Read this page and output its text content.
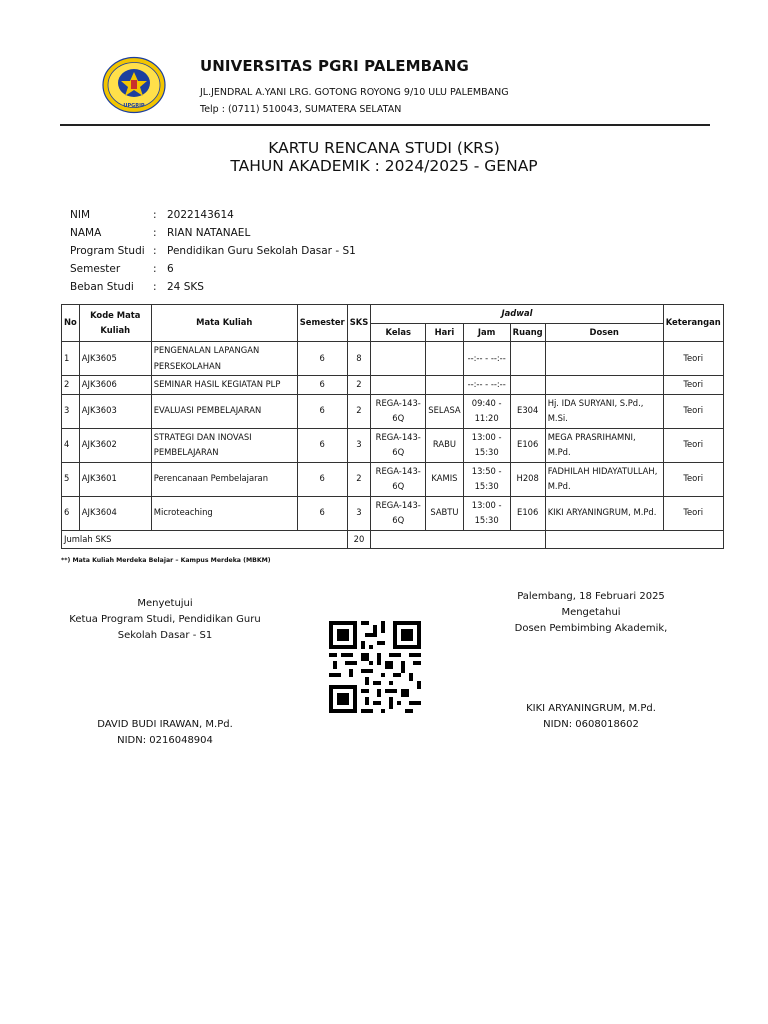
UPGRIP
UNIVERSITAS PGRI PALEMBANG
JL.JENDRAL A.YANI LRG. GOTONG ROYONG 9/10 ULU PALEMBANG
Telp : (0711) 510043, SUMATERA SELATAN
KARTU RENCANA STUDI (KRS)
TAHUN AKADEMIK : 2024/2025 - GENAP
NIM	: 2022143614
NAMA	: RIAN NATANAEL
Program Studi : Pendidikan Guru Sekolah Dasar - S1
Semester	: 6
Beban Studi	: 24 SKS
No	Kode Mata Kuliah	Mata Kuliah	Semester	SKS	Jadwal					Keterangan
					Kelas	Hari	Jam	Ruang	Dosen	
1	AJK3605	PENGENALAN LAPANGAN PERSEKOLAHAN	6	8			--:-- - --:--			Teori
2	AJK3606	SEMINAR HASIL KEGIATAN PLP	6	2			--:-- - --:--			Teori
3	AJK3603	EVALUASI PEMBELAJARAN	6	2	REGA-143-6Q	SELASA	09:40 - 11:20	E304	Hj. IDA SURYANI, S.Pd., M.Si.	Teori
4	AJK3602	STRATEGI DAN INOVASI PEMBELAJARAN	6	3	REGA-143-6Q	RABU	13:00 - 15:30	E106	MEGA PRASRIHAMNI, M.Pd.	Teori
5	AJK3601	Perencanaan Pembelajaran	6	2	REGA-143-6Q	KAMIS	13:50 - 15:30	H208	FADHILAH HIDAYATULLAH, M.Pd.	Teori
6	AJK3604	Microteaching	6	3	REGA-143-6Q	SABTU	13:00 - 15:30	E106	KIKI ARYANINGRUM, M.Pd.	Teori
Jumlah SKS				20						
**) Mata Kuliah Merdeka Belajar – Kampus Merdeka (MBKM)
Menyetujui
Ketua Program Studi, Pendidikan Guru
Sekolah Dasar - S1
DAVID BUDI IRAWAN, M.Pd.
NIDN: 0216048904
Palembang, 18 Februari 2025
Mengetahui
Dosen Pembimbing Akademik,
KIKI ARYANINGRUM, M.Pd.
NIDN: 0608018602
